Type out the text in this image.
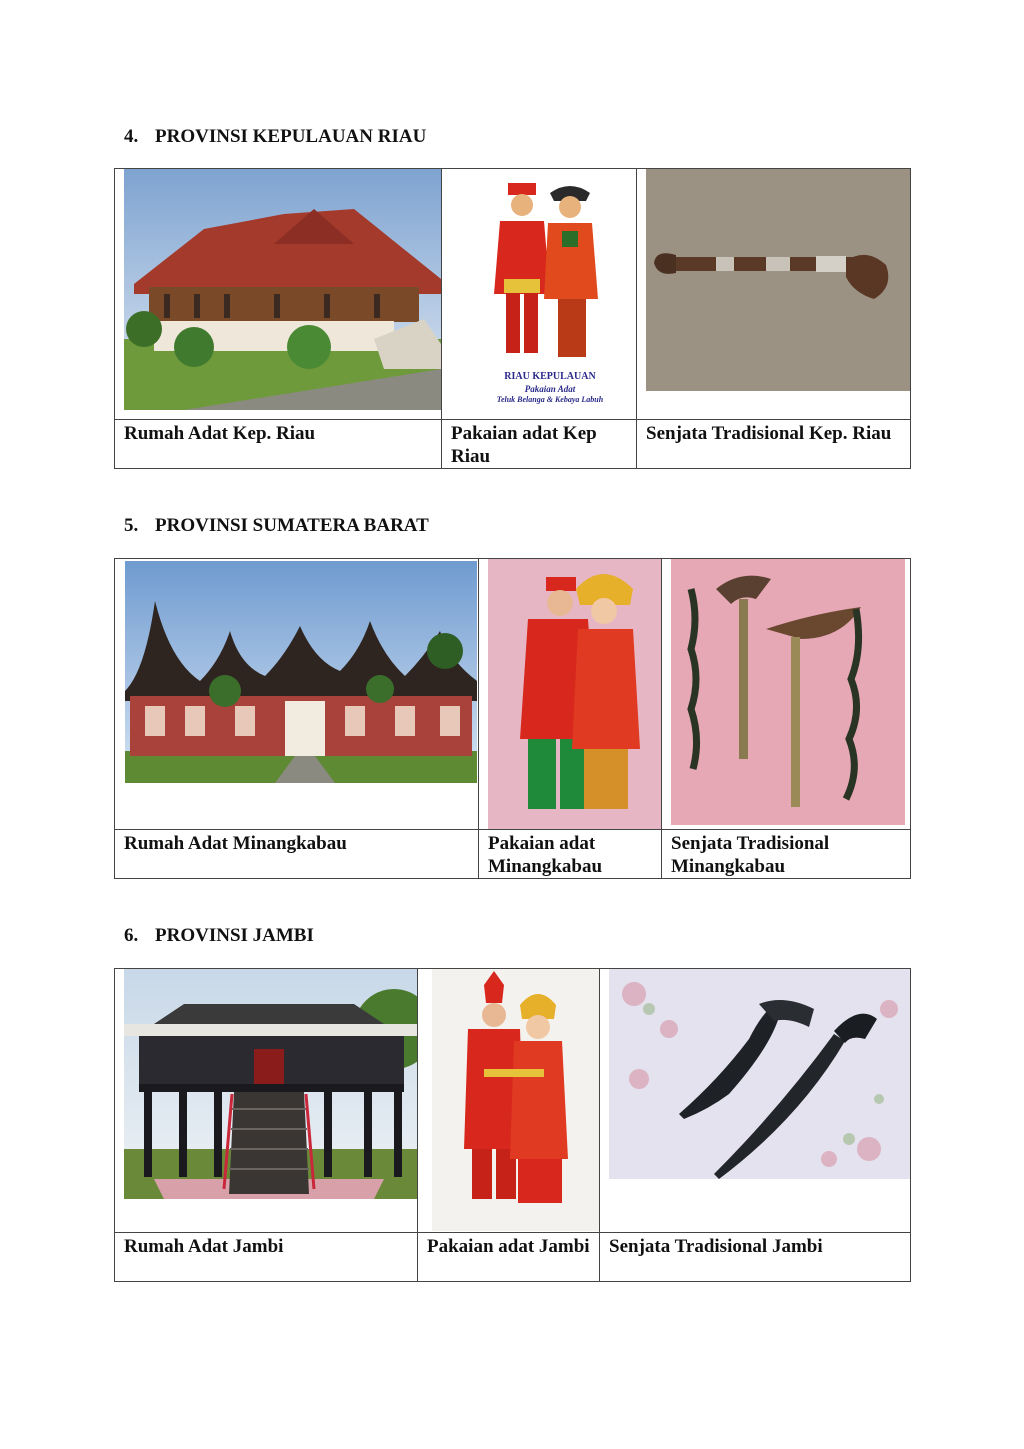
4. PROVINSI KEPULAUAN RIAU

RIAU KEPULAUAN
Pakaian Adat
Teluk Belanga & Kebaya Labuh

Rumah Adat Kep. Riau	Pakaian adat Kep Riau	Senjata Tradisional Kep. Riau
5. PROVINSI SUMATERA BARAT

Rumah Adat Minangkabau	Pakaian adat Minangkabau	Senjata Tradisional Minangkabau
6. PROVINSI JAMBI

Rumah Adat Jambi	Pakaian adat Jambi	Senjata Tradisional Jambi
